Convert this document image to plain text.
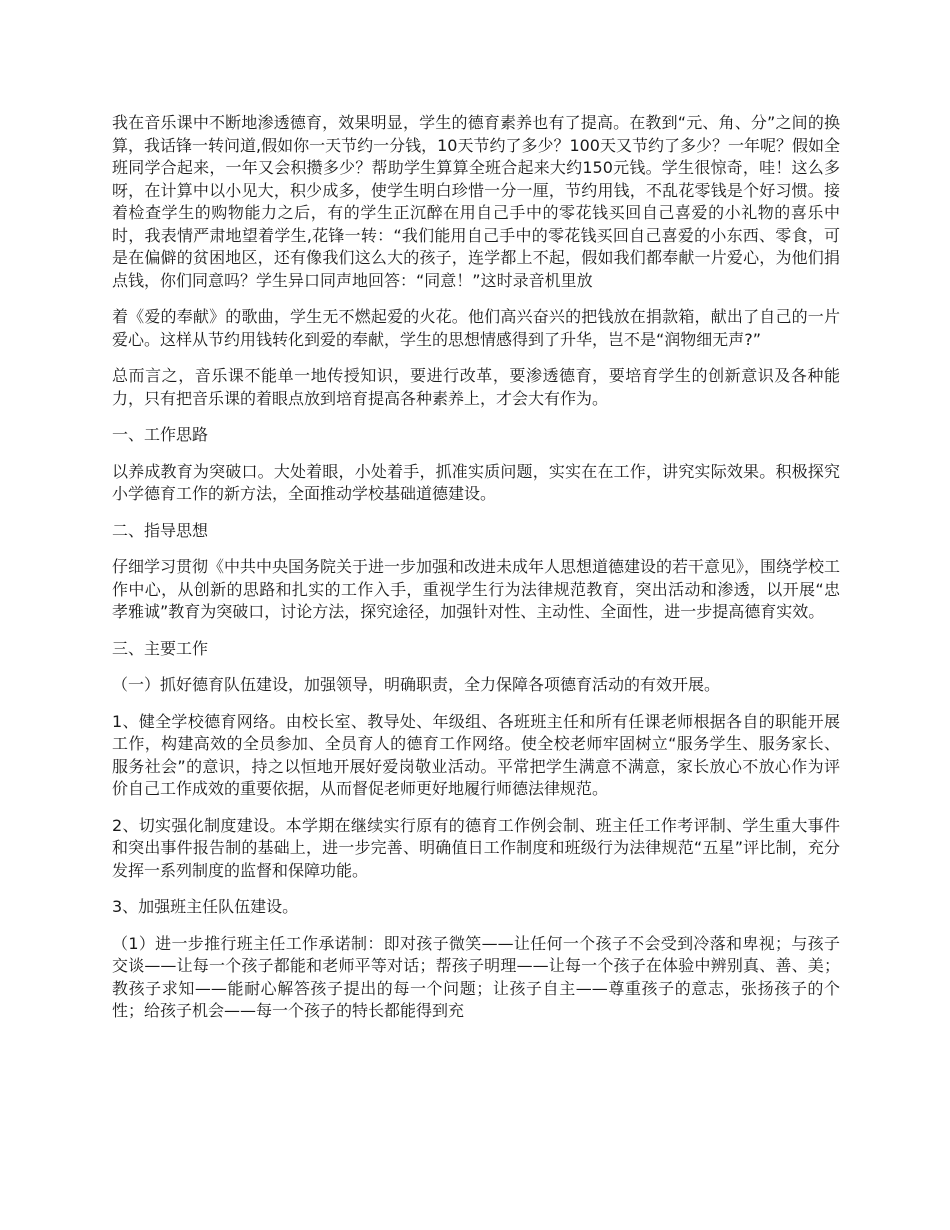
我在音乐课中不断地渗透德育，效果明显，学生的德育素养也有了提高。在教到“元、角、分”之间的换算，我话锋一转问道,假如你一天节约一分钱，10天节约了多少？100天又节约了多少？一年呢？假如全班同学合起来，一年又会积攒多少？帮助学生算算全班合起来大约150元钱。学生很惊奇，哇！这么多呀，在计算中以小见大，积少成多，使学生明白珍惜一分一厘，节约用钱，不乱花零钱是个好习惯。接着检查学生的购物能力之后，有的学生正沉醉在用自己手中的零花钱买回自己喜爱的小礼物的喜乐中时，我表情严肃地望着学生,花锋一转：“我们能用自己手中的零花钱买回自己喜爱的小东西、零食，可是在偏僻的贫困地区，还有像我们这么大的孩子，连学都上不起，假如我们都奉献一片爱心，为他们捐点钱，你们同意吗？学生异口同声地回答：“同意！”这时录音机里放

着《爱的奉献》的歌曲，学生无不燃起爱的火花。他们高兴奋兴的把钱放在捐款箱，献出了自己的一片爱心。这样从节约用钱转化到爱的奉献，学生的思想情感得到了升华，岂不是“润物细无声?”

总而言之，音乐课不能单一地传授知识，要进行改革，要渗透德育，要培育学生的创新意识及各种能力，只有把音乐课的着眼点放到培育提高各种素养上，才会大有作为。

一、工作思路

以养成教育为突破口。大处着眼，小处着手，抓准实质问题，实实在在工作，讲究实际效果。积极探究小学德育工作的新方法，全面推动学校基础道德建设。

二、指导思想

仔细学习贯彻《中共中央国务院关于进一步加强和改进未成年人思想道德建设的若干意见》，围绕学校工作中心，从创新的思路和扎实的工作入手，重视学生行为法律规范教育，突出活动和渗透，以开展“忠孝雅诚”教育为突破口，讨论方法，探究途径，加强针对性、主动性、全面性，进一步提高德育实效。

三、主要工作

（一）抓好德育队伍建设，加强领导，明确职责，全力保障各项德育活动的有效开展。

1、健全学校德育网络。由校长室、教导处、年级组、各班班主任和所有任课老师根据各自的职能开展工作，构建高效的全员参加、全员育人的德育工作网络。使全校老师牢固树立“服务学生、服务家长、服务社会”的意识，持之以恒地开展好爱岗敬业活动。平常把学生满意不满意，家长放心不放心作为评价自己工作成效的重要依据，从而督促老师更好地履行师德法律规范。

2、切实强化制度建设。本学期在继续实行原有的德育工作例会制、班主任工作考评制、学生重大事件和突出事件报告制的基础上，进一步完善、明确值日工作制度和班级行为法律规范“五星”评比制，充分发挥一系列制度的监督和保障功能。

3、加强班主任队伍建设。

（1）进一步推行班主任工作承诺制：即对孩子微笑——让任何一个孩子不会受到冷落和卑视；与孩子交谈——让每一个孩子都能和老师平等对话；帮孩子明理——让每一个孩子在体验中辨别真、善、美；教孩子求知——能耐心解答孩子提出的每一个问题；让孩子自主——尊重孩子的意志，张扬孩子的个性；给孩子机会——每一个孩子的特长都能得到充
